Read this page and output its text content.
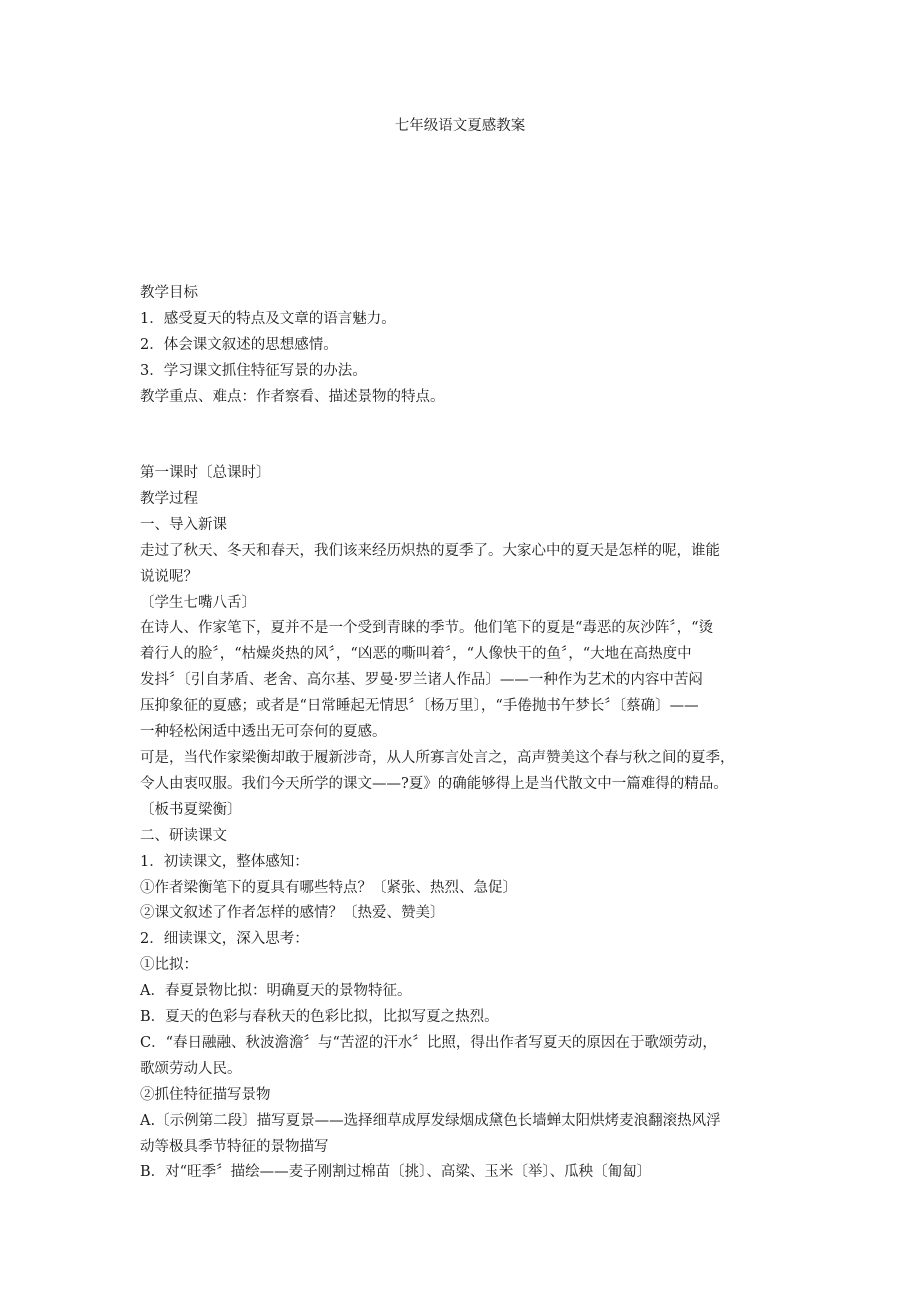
七年级语文夏感教案

教学目标

1．感受夏天的特点及文章的语言魅力。

2．体会课文叙述的思想感情。

3．学习课文抓住特征写景的办法。

教学重点、难点：作者察看、描述景物的特点。

第一课时〔总课时〕

教学过程

一、导入新课

走过了秋天、冬天和春天，我们该来经历炽热的夏季了。大家心中的夏天是怎样的呢，谁能

说说呢？

〔学生七嘴八舌〕

在诗人、作家笔下，夏并不是一个受到青睐的季节。他们笔下的夏是“毒恶的灰沙阵〞，“烫

着行人的脸〞，“枯燥炎热的风〞，“凶恶的嘶叫着〞，“人像快干的鱼〞，“大地在高热度中

发抖〞〔引自茅盾、老舍、高尔基、罗曼·罗兰诸人作品〕——一种作为艺术的内容中苦闷

压抑象征的夏感；或者是“日常睡起无情思〞〔杨万里〕，“手倦抛书午梦长〞〔蔡确〕——

一种轻松闲适中透出无可奈何的夏感。

可是，当代作家梁衡却敢于履新涉奇，从人所寡言处言之，高声赞美这个春与秋之间的夏季，

令人由衷叹服。我们今天所学的课文——?夏》的确能够得上是当代散文中一篇难得的精品。

〔板书夏梁衡〕

二、研读课文

1．初读课文，整体感知：

①作者梁衡笔下的夏具有哪些特点？〔紧张、热烈、急促〕

②课文叙述了作者怎样的感情？〔热爱、赞美〕

2．细读课文，深入思考：

①比拟：

A．春夏景物比拟：明确夏天的景物特征。

B．夏天的色彩与春秋天的色彩比拟，比拟写夏之热烈。

C．“春日融融、秋波澹澹〞与“苦涩的汗水〞比照，得出作者写夏天的原因在于歌颂劳动，

歌颂劳动人民。

②抓住特征描写景物

A.〔示例第二段〕描写夏景——选择细草成厚发绿烟成黛色长墙蝉太阳烘烤麦浪翻滚热风浮

动等极具季节特征的景物描写

B．对“旺季〞描绘——麦子刚割过棉苗〔挑〕、高粱、玉米〔举〕、瓜秧〔匍匐〕
